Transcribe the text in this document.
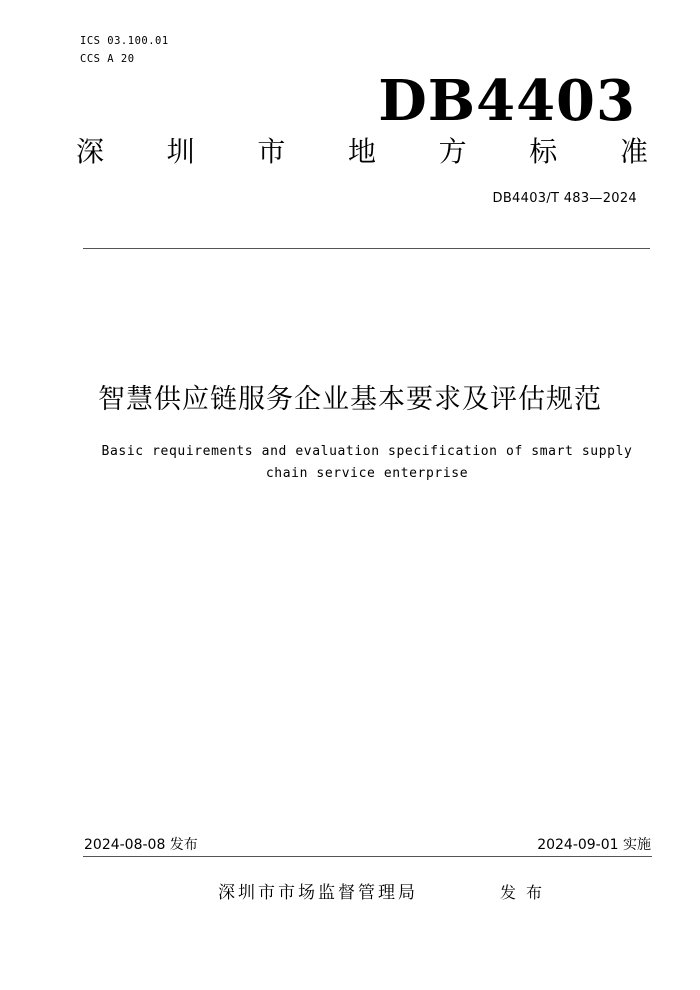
ICS 03.100.01
CCS A 20
DB4403
深 圳 市 地 方 标 准
DB4403/T 483—2024
智慧供应链服务企业基本要求及评估规范
Basic requirements and evaluation specification of smart supply
chain service enterprise
2024-08-08 发布	2024-09-01 实施
深圳市市场监督管理局	发布
